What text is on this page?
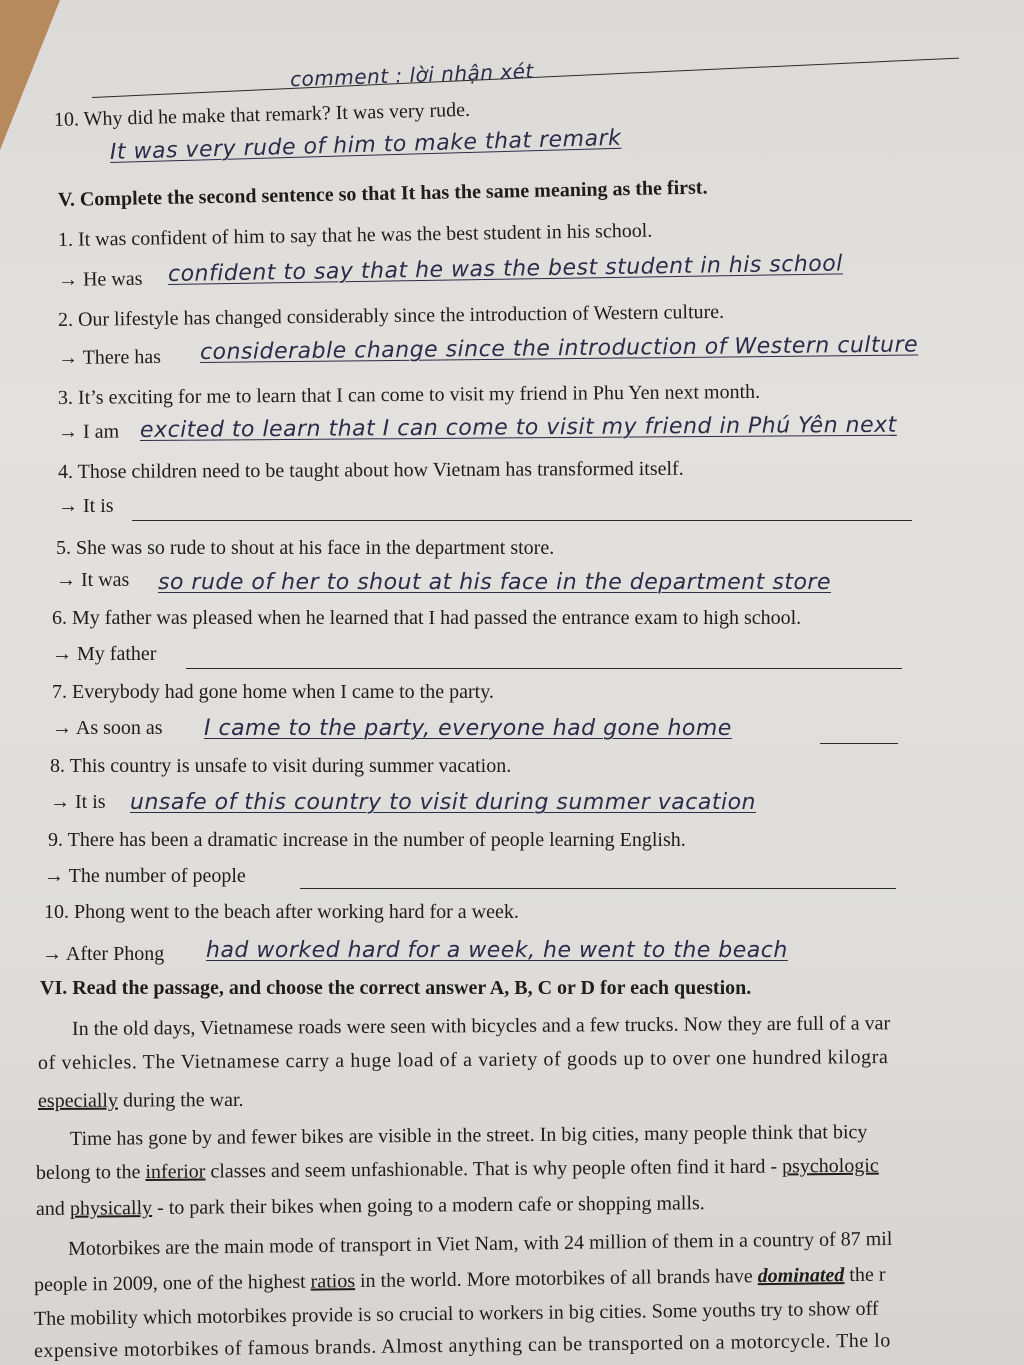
comment : lời nhận xét
10. Why did he make that remark? It was very rude.
It was very rude of him to make that remark
V. Complete the second sentence so that It has the same meaning as the first.
1. It was confident of him to say that he was the best student in his school.
→ He was confident to say that he was the best student in his school
2. Our lifestyle has changed considerably since the introduction of Western culture.
→ There has considerable change since the introduction of Western culture
3. It’s exciting for me to learn that I can come to visit my friend in Phu Yen next month.
→ I am excited to learn that I can come to visit my friend in Phú Yên next
4. Those children need to be taught about how Vietnam has transformed itself.
→ It is
5. She was so rude to shout at his face in the department store.
→ It was so rude of her to shout at his face in the department store
6. My father was pleased when he learned that I had passed the entrance exam to high school.
→ My father
7. Everybody had gone home when I came to the party.
→ As soon as I came to the party, everyone had gone home
8. This country is unsafe to visit during summer vacation.
→ It is unsafe of this country to visit during summer vacation
9. There has been a dramatic increase in the number of people learning English.
→ The number of people
10. Phong went to the beach after working hard for a week.
→ After Phong had worked hard for a week, he went to the beach
VI. Read the passage, and choose the correct answer A, B, C or D for each question.
In the old days, Vietnamese roads were seen with bicycles and a few trucks. Now they are full of a var
of vehicles. The Vietnamese carry a huge load of a variety of goods up to over one hundred kilogra
especially during the war.
Time has gone by and fewer bikes are visible in the street. In big cities, many people think that bicy
belong to the inferior classes and seem unfashionable. That is why people often find it hard - psychologic
and physically - to park their bikes when going to a modern cafe or shopping malls.
Motorbikes are the main mode of transport in Viet Nam, with 24 million of them in a country of 87 mil
people in 2009, one of the highest ratios in the world. More motorbikes of all brands have dominated the r
The mobility which motorbikes provide is so crucial to workers in big cities. Some youths try to show off
expensive motorbikes of famous brands. Almost anything can be transported on a motorcycle. The lo
